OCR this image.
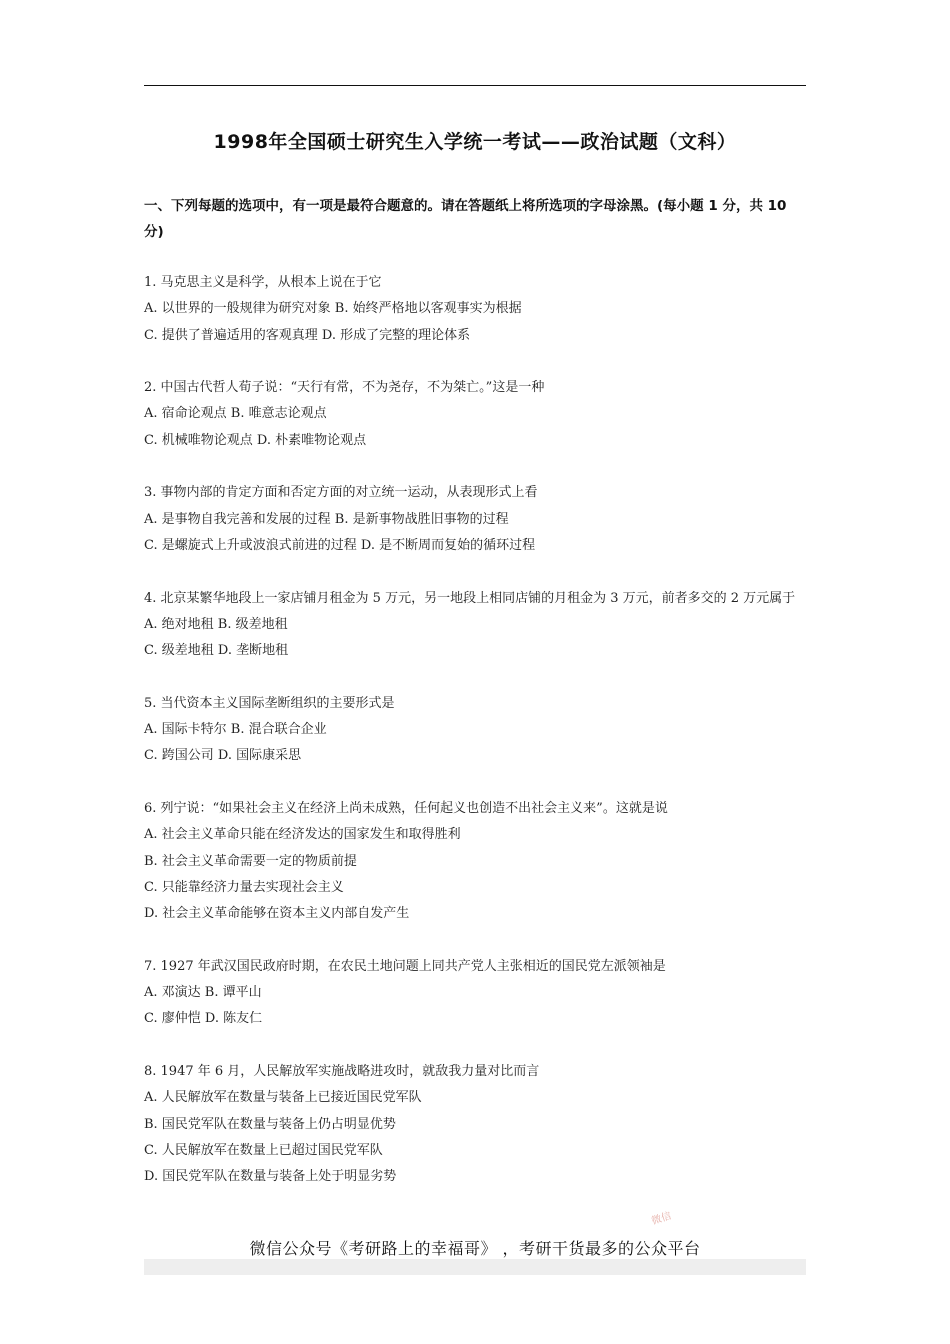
1998年全国硕士研究生入学统一考试——政治试题（文科）
一、下列每题的选项中，有一项是最符合题意的。请在答题纸上将所选项的字母涂黑。(每小题 1 分，共 10 分)
1. 马克思主义是科学，从根本上说在于它
A. 以世界的一般规律为研究对象 B. 始终严格地以客观事实为根据
C. 提供了普遍适用的客观真理 D. 形成了完整的理论体系
2. 中国古代哲人荀子说：“天行有常，不为尧存，不为桀亡。”这是一种
A. 宿命论观点 B. 唯意志论观点
C. 机械唯物论观点 D. 朴素唯物论观点
3. 事物内部的肯定方面和否定方面的对立统一运动，从表现形式上看
A. 是事物自我完善和发展的过程 B. 是新事物战胜旧事物的过程
C. 是螺旋式上升或波浪式前进的过程 D. 是不断周而复始的循环过程
4. 北京某繁华地段上一家店铺月租金为 5 万元，另一地段上相同店铺的月租金为 3 万元，前者多交的 2 万元属于
A. 绝对地租 B. 级差地租
C. 级差地租 D. 垄断地租
5. 当代资本主义国际垄断组织的主要形式是
A. 国际卡特尔 B. 混合联合企业
C. 跨国公司 D. 国际康采思
6. 列宁说：“如果社会主义在经济上尚未成熟，任何起义也创造不出社会主义来”。这就是说
A. 社会主义革命只能在经济发达的国家发生和取得胜利
B. 社会主义革命需要一定的物质前提
C. 只能靠经济力量去实现社会主义
D. 社会主义革命能够在资本主义内部自发产生
7. 1927 年武汉国民政府时期，在农民土地问题上同共产党人主张相近的国民党左派领袖是
A. 邓演达 B. 谭平山
C. 廖仲恺 D. 陈友仁
8. 1947 年 6 月，人民解放军实施战略进攻时，就敌我力量对比而言
A. 人民解放军在数量与装备上已接近国民党军队
B. 国民党军队在数量与装备上仍占明显优势
C. 人民解放军在数量上已超过国民党军队
D. 国民党军队在数量与装备上处于明显劣势
微信
微信公众号《考研路上的幸福哥》 ，考研干货最多的公众平台
